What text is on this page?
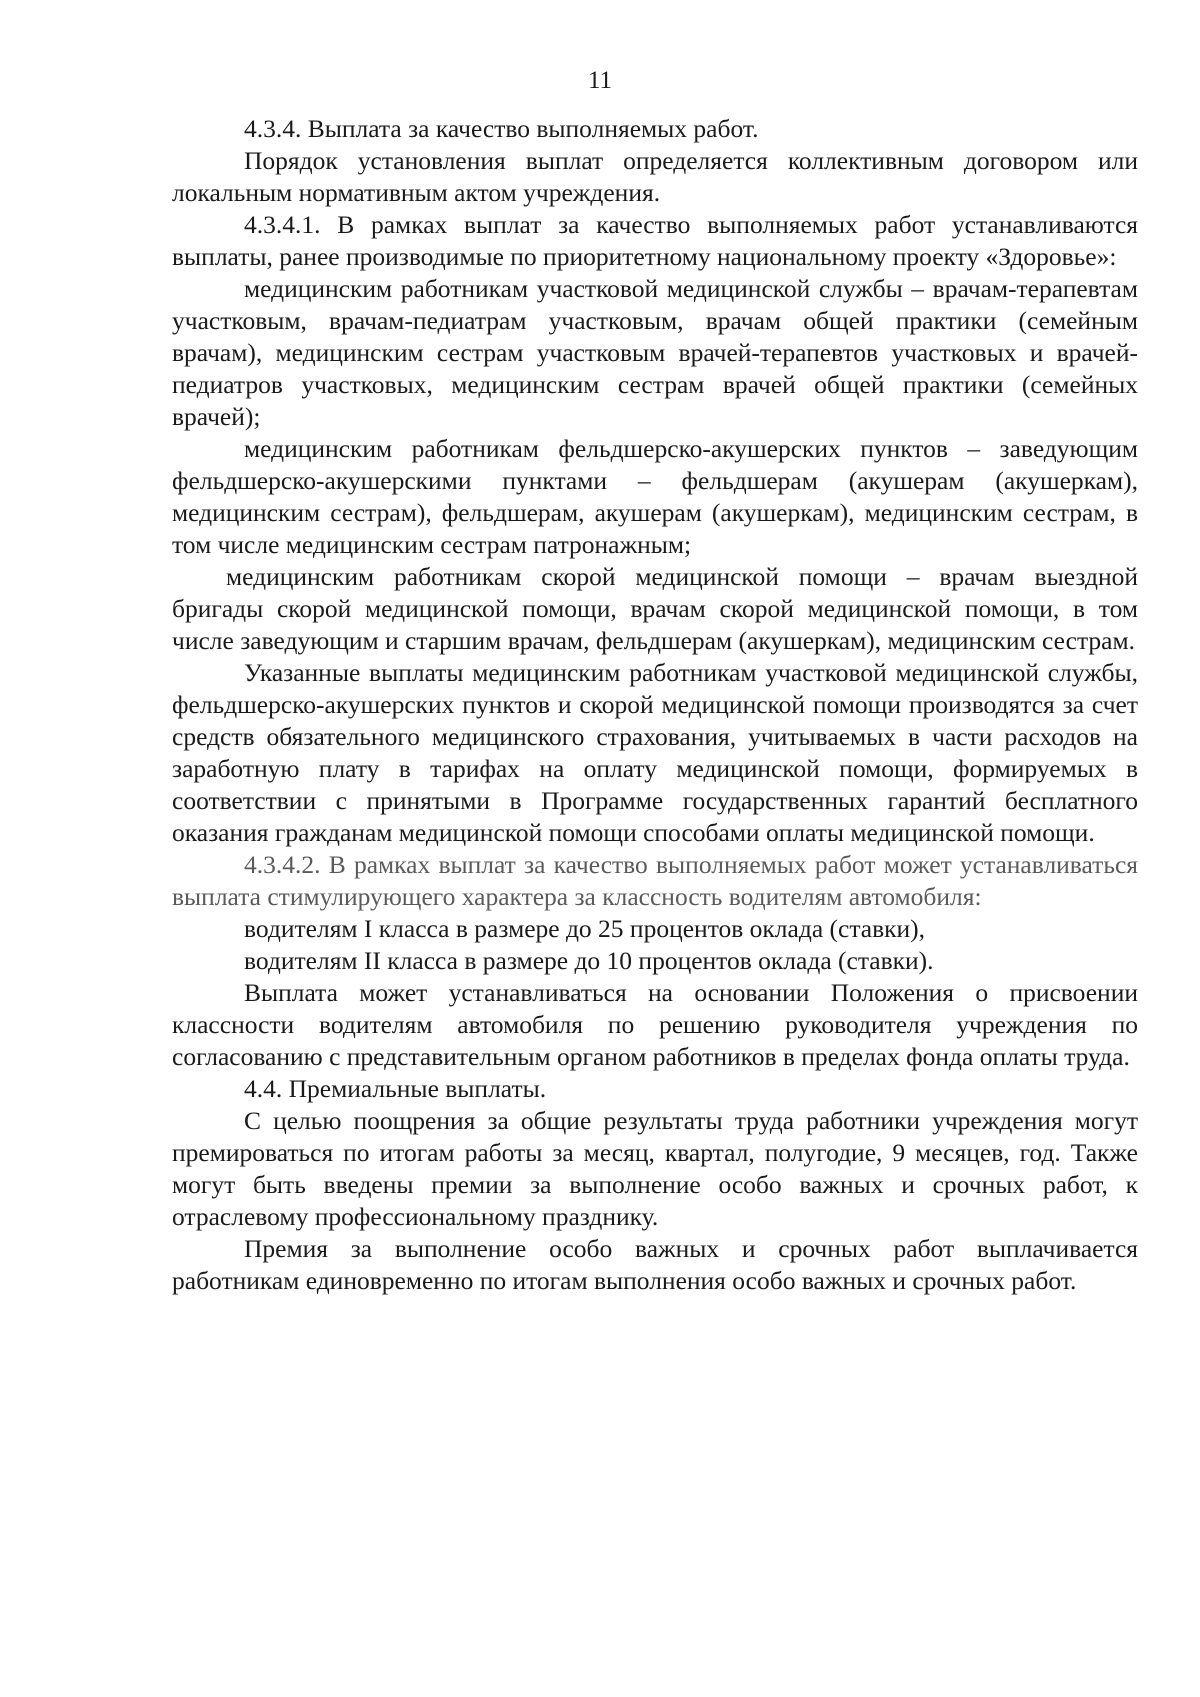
11

4.3.4. Выплата за качество выполняемых работ.

Порядок установления выплат определяется коллективным договором или локальным нормативным актом учреждения.

4.3.4.1. В рамках выплат за качество выполняемых работ устанавливаются выплаты, ранее производимые по приоритетному национальному проекту «Здоровье»:

медицинским работникам участковой медицинской службы – врачам-терапевтам участковым, врачам-педиатрам участковым, врачам общей практики (семейным врачам), медицинским сестрам участковым врачей-терапевтов участковых и врачей-педиатров участковых, медицинским сестрам врачей общей практики (семейных врачей);

медицинским работникам фельдшерско-акушерских пунктов – заведующим фельдшерско-акушерскими пунктами – фельдшерам (акушерам (акушеркам), медицинским сестрам), фельдшерам, акушерам (акушеркам), медицинским сестрам, в том числе медицинским сестрам патронажным;

медицинским работникам скорой медицинской помощи – врачам выездной бригады скорой медицинской помощи, врачам скорой медицинской помощи, в том числе заведующим и старшим врачам, фельдшерам (акушеркам), медицинским сестрам.

Указанные выплаты медицинским работникам участковой медицинской службы, фельдшерско-акушерских пунктов и скорой медицинской помощи производятся за счет средств обязательного медицинского страхования, учитываемых в части расходов на заработную плату в тарифах на оплату медицинской помощи, формируемых в соответствии с принятыми в Программе государственных гарантий бесплатного оказания гражданам медицинской помощи способами оплаты медицинской помощи.

4.3.4.2. В рамках выплат за качество выполняемых работ может устанавливаться выплата стимулирующего характера за классность водителям автомобиля:

водителям I класса в размере до 25 процентов оклада (ставки),

водителям II класса в размере до 10 процентов оклада (ставки).

Выплата может устанавливаться на основании Положения о присвоении классности водителям автомобиля по решению руководителя учреждения по согласованию с представительным органом работников в пределах фонда оплаты труда.

4.4. Премиальные выплаты.

С целью поощрения за общие результаты труда работники учреждения могут премироваться по итогам работы за месяц, квартал, полугодие, 9 месяцев, год. Также могут быть введены премии за выполнение особо важных и срочных работ, к отраслевому профессиональному празднику.

Премия за выполнение особо важных и срочных работ выплачивается работникам единовременно по итогам выполнения особо важных и срочных работ.
